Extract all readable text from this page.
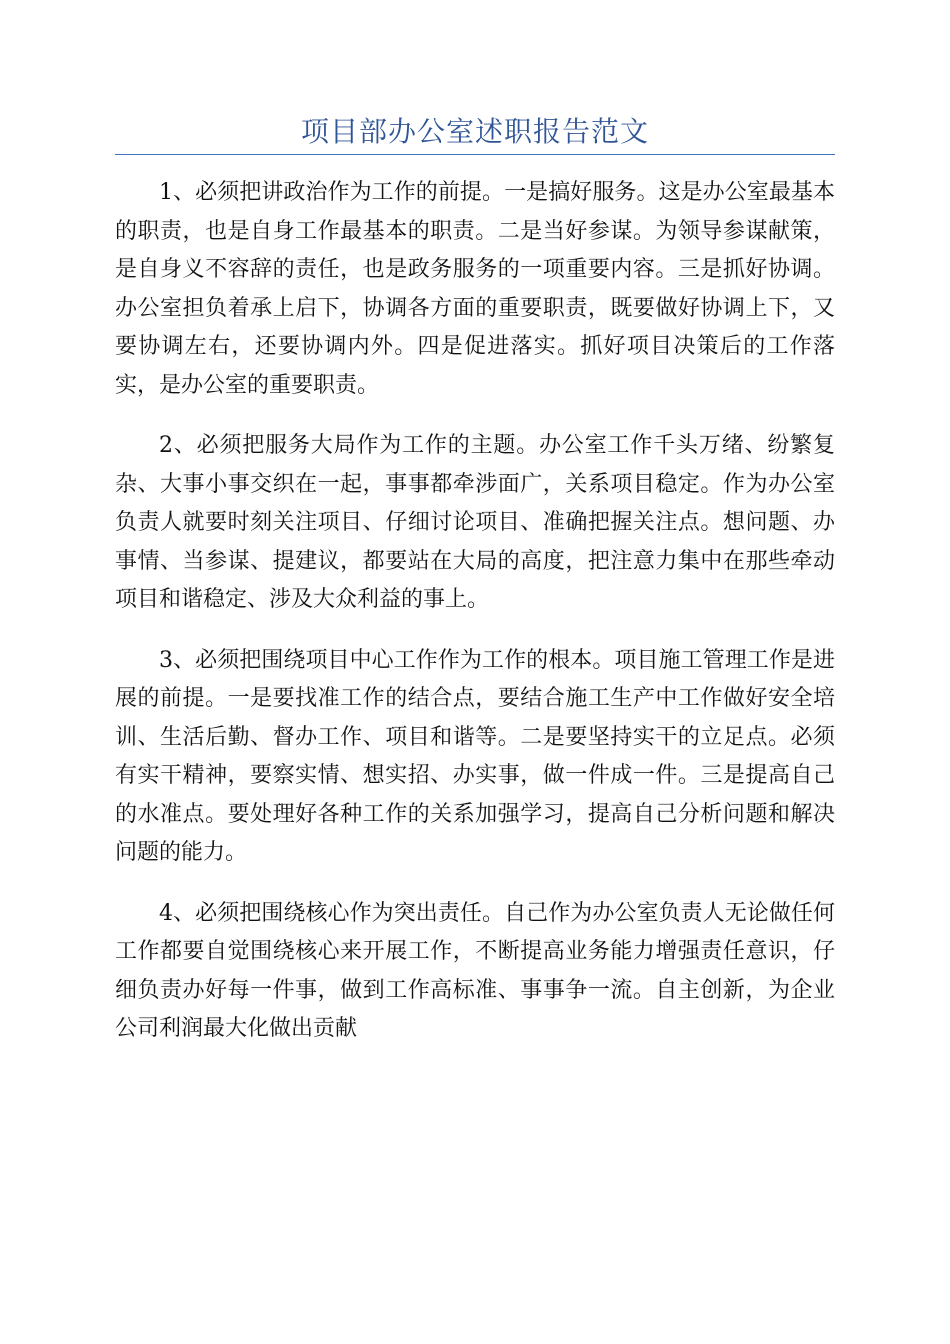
项目部办公室述职报告范文

1、必须把讲政治作为工作的前提。一是搞好服务。这是办公室最基本的职责，也是自身工作最基本的职责。二是当好参谋。为领导参谋献策，是自身义不容辞的责任，也是政务服务的一项重要内容。三是抓好协调。办公室担负着承上启下，协调各方面的重要职责，既要做好协调上下，又要协调左右，还要协调内外。四是促进落实。抓好项目决策后的工作落实，是办公室的重要职责。

2、必须把服务大局作为工作的主题。办公室工作千头万绪、纷繁复杂、大事小事交织在一起，事事都牵涉面广，关系项目稳定。作为办公室负责人就要时刻关注项目、仔细讨论项目、准确把握关注点。想问题、办事情、当参谋、提建议，都要站在大局的高度，把注意力集中在那些牵动项目和谐稳定、涉及大众利益的事上。

3、必须把围绕项目中心工作作为工作的根本。项目施工管理工作是进展的前提。一是要找准工作的结合点，要结合施工生产中工作做好安全培训、生活后勤、督办工作、项目和谐等。二是要坚持实干的立足点。必须有实干精神，要察实情、想实招、办实事，做一件成一件。三是提高自己的水准点。要处理好各种工作的关系加强学习，提高自己分析问题和解决问题的能力。

4、必须把围绕核心作为突出责任。自己作为办公室负责人无论做任何工作都要自觉围绕核心来开展工作，不断提高业务能力增强责任意识，仔细负责办好每一件事，做到工作高标准、事事争一流。自主创新，为企业公司利润最大化做出贡献
